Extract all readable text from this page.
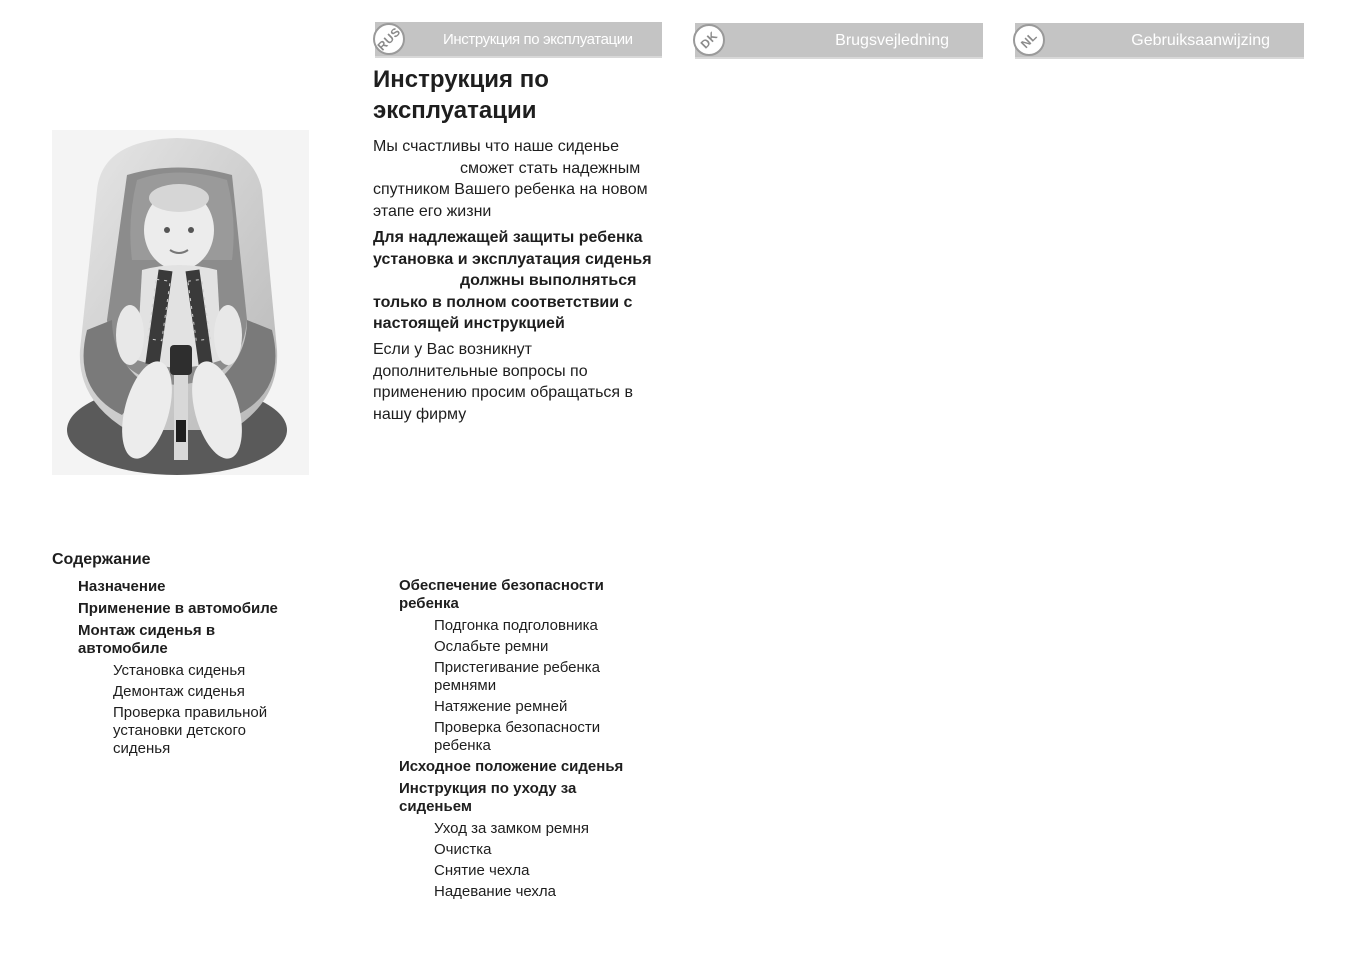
RUS	Инструкция по эксплуатации	DK	Brugsvejledning	NL	Gebruiksaanwijzing
Инструкция по эксплуатации
Мы счастливы что наше сиденье
сможет стать надежным
спутником Вашего ребенка на новом этапе его жизни
Для надлежащей защиты ребенка установка и эксплуатация сиденья
должны выполняться
только в полном соответствии с настоящей инструкцией
Если у Вас возникнут дополнительные вопросы по применению просим обращаться в нашу фирму
Содержание
Назначение
Применение в автомобиле
Монтаж сиденья в автомобиле
Установка сиденья
Демонтаж сиденья
Проверка правильной установки детского сиденья
Обеспечение безопасности ребенка
Подгонка подголовника
Ослабьте ремни
Пристегивание ребенка ремнями
Натяжение ремней
Проверка безопасности ребенка
Исходное положение сиденья
Инструкция по уходу за сиденьем
Уход за замком ремня
Очистка
Снятие чехла
Надевание чехла
